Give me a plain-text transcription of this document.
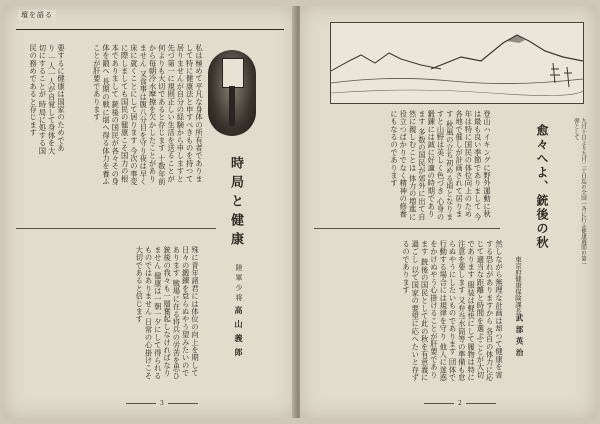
壇を語る
私は極めて平凡な身体の所有者でありまして特に健康法と申すべきものを持つて居りませんが自分の経験から申しますと 先づ第一に規則正しい生活を送ることが何よりも大切であると存じます 十数年前から毎朝冷水摩擦を欠かしたことがありません 又食事は腹八分目を守り夜は早く床に就くことにして居ります 今次の事変に際しましても国民の健康こそ国力の根本でありまして 銃後の国民が各々その身体を鍛へ 長期の戦に堪へ得る体力を養ふことが肝要であります
要するに健康は国家のためであり 一人一人が自覚して身体を大切にすることが 時局に処する国民の務めであると存じます
時局と健康
陸軍少将
高山義郎
殊に青年諸君には体位の向上を期して日々の鍛錬を怠らぬやう望みたいのであります 戦場に在る将兵の労苦を思ひ銃後の我々も一層奮起しなければなりません 健康は一朝一夕にして得られるものではありません 日常の心掛けこそ大切であると信じます
3
愈々へよ、銃後の秋	九月十日より九月二十日迄の全国一斉に行ふ健康週間の第一弾として
東京府健康保険課長
武部英治
登山ハイキングに野外運動に秋は最も良い季節でありまして 今年は特に国民の体位向上のため各地で催しが計画されて居ります 秋風の立ち初める頃となりますと山野は美しく色づき 心身の鍛錬には誠に好適の時期であります 多数の国民が郊外に出て自然に親しむことは 体力の増進に役立つばかりでなく精神の修養にもなるのであります
然しながら無理な計画は却つて健康を害する恐れがありますから 各自の体力に応じて適当な距離と時間を選ぶことが大切であります 服装は軽快にして履物は特に注意を要します 又弁当水筒等の準備も怠らぬやうにしたいものであります 団体で行動する場合には規律を守り 他人に迷惑をかけぬやう心掛けることが肝要であります 銃後の国民として此の秋を有意義に過ごし 以て国家の要望に応へたいと存ずるのであります
2
